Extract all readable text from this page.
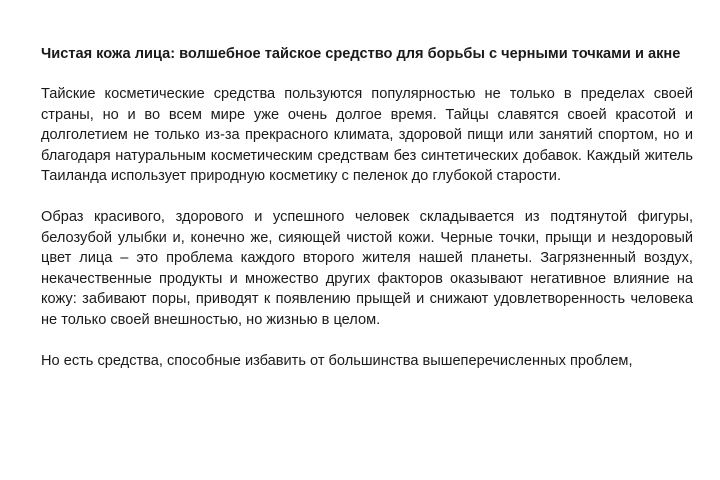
Чистая кожа лица: волшебное тайское средство для борьбы с черными точками и акне

Тайские косметические средства пользуются популярностью не только в пределах своей страны, но и во всем мире уже очень долгое время. Тайцы славятся своей красотой и долголетием не только из-за прекрасного климата, здоровой пищи или занятий спортом, но и благодаря натуральным косметическим средствам без синтетических добавок. Каждый житель Таиланда использует природную косметику с пеленок до глубокой старости.

Образ красивого, здорового и успешного человек складывается из подтянутой фигуры, белозубой улыбки и, конечно же, сияющей чистой кожи. Черные точки, прыщи и нездоровый цвет лица – это проблема каждого второго жителя нашей планеты. Загрязненный воздух, некачественные продукты и множество других факторов оказывают негативное влияние на кожу: забивают поры, приводят к появлению прыщей и снижают удовлетворенность человека не только своей внешностью, но жизнью в целом.

Но есть средства, способные избавить от большинства вышеперечисленных проблем,
